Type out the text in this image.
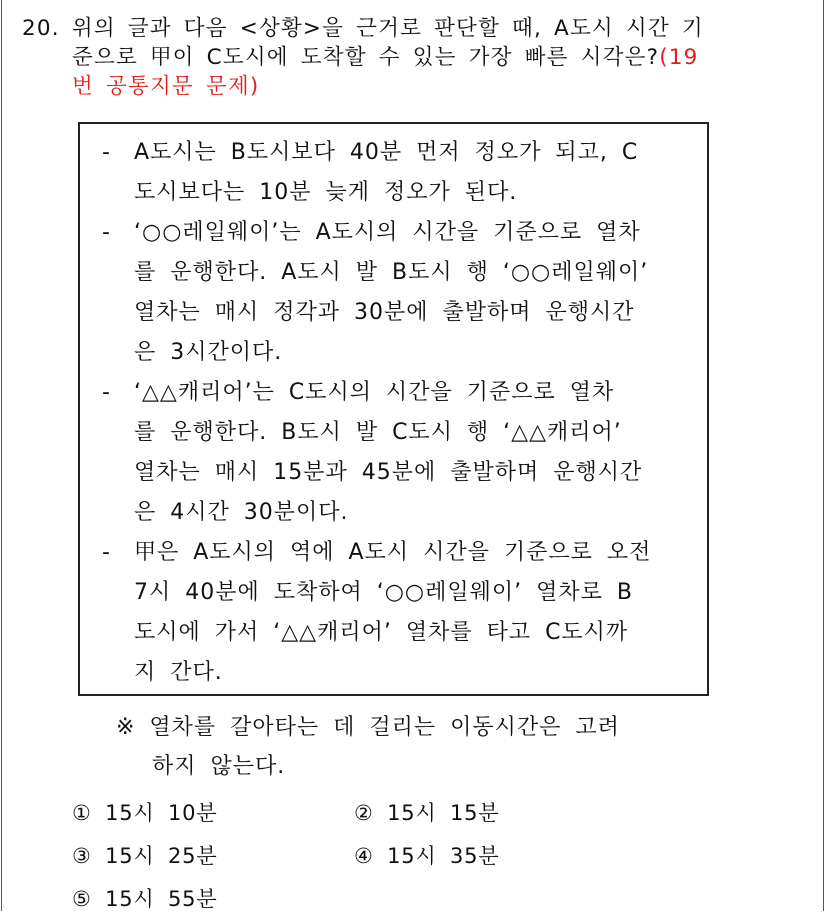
20. 위의 글과 다음 <상황>을 근거로 판단할 때, A도시 시간 기
준으로 甲이 C도시에 도착할 수 있는 가장 빠른 시각은?(19
번 공통지문 문제)
- A도시는 B도시보다 40분 먼저 정오가 되고, C
도시보다는 10분 늦게 정오가 된다.
- ‘○○레일웨이’는 A도시의 시간을 기준으로 열차
를 운행한다. A도시 발 B도시 행 ‘○○레일웨이’
열차는 매시 정각과 30분에 출발하며 운행시간
은 3시간이다.
- ‘△△캐리어’는 C도시의 시간을 기준으로 열차
를 운행한다. B도시 발 C도시 행 ‘△△캐리어’
열차는 매시 15분과 45분에 출발하며 운행시간
은 4시간 30분이다.
- 甲은 A도시의 역에 A도시 시간을 기준으로 오전
7시 40분에 도착하여 ‘○○레일웨이’ 열차로 B
도시에 가서 ‘△△캐리어’ 열차를 타고 C도시까
지 간다.
※ 열차를 갈아타는 데 걸리는 이동시간은 고려
하지 않는다.
① 15시 10분	② 15시 15분
③ 15시 25분	④ 15시 35분
⑤ 15시 55분
